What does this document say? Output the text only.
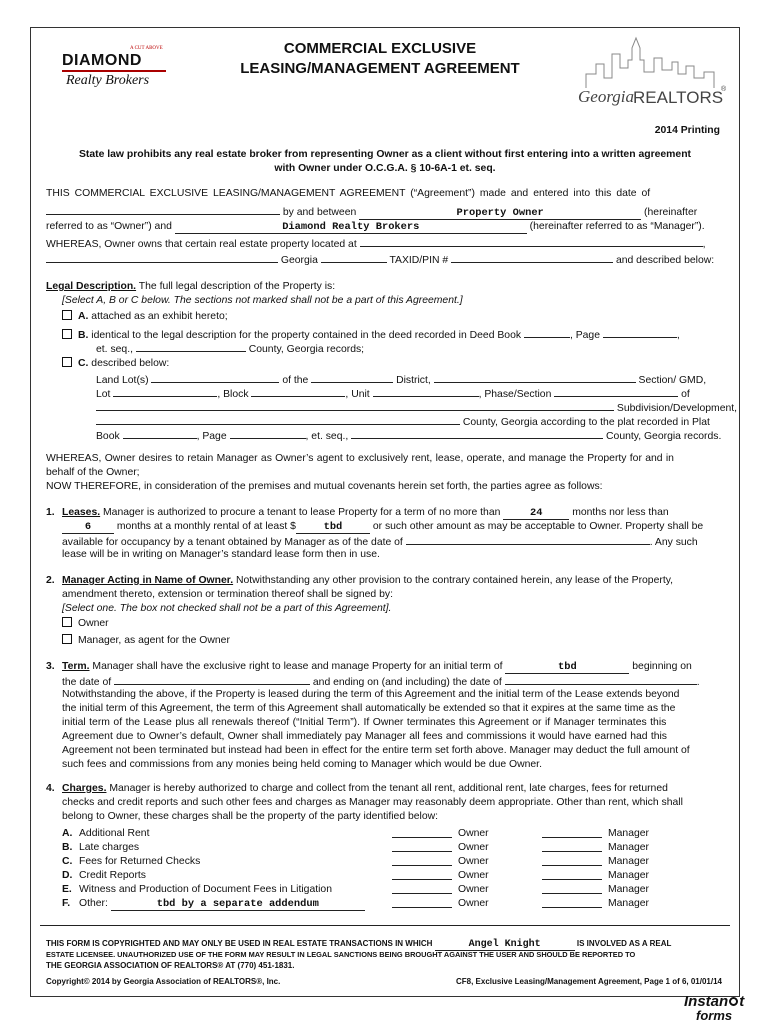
A CUT ABOVE
DIAMOND
Realty Brokers
COMMERCIAL EXCLUSIVE
LEASING/MANAGEMENT AGREEMENT
Georgia
REALTORS
®
2014 Printing
State law prohibits any real estate broker from representing Owner as a client without first entering into a written agreement
with Owner under O.C.G.A. § 10-6A-1 et. seq.
THIS COMMERCIAL EXCLUSIVE LEASING/MANAGEMENT AGREEMENT (“Agreement”) made and entered into this date of
by and between	Property Owner	(hereinafter
referred to as “Owner”) and	Diamond Realty Brokers	(hereinafter referred to as “Manager”).
WHEREAS, Owner owns that certain real estate property located at	,
Georgia	TAXID/PIN #	and described below:
Legal Description. The full legal description of the Property is:
[Select A, B or C below. The sections not marked shall not be a part of this Agreement.]
A. attached as an exhibit hereto;
B. identical to the legal description for the property contained in the deed recorded in Deed Book	, Page	,
et. seq.,	County, Georgia records;
C. described below:
Land Lot(s)	of the	District,	Section/ GMD,
Lot	, Block	, Unit	, Phase/Section	of
Subdivision/Development,
County, Georgia according to the plat recorded in Plat
Book	, Page	, et. seq.,	County, Georgia records.
WHEREAS, Owner desires to retain Manager as Owner’s agent to exclusively rent, lease, operate, and manage the Property for and in
behalf of the Owner;
NOW THEREFORE, in consideration of the premises and mutual covenants herein set forth, the parties agree as follows:
1. Leases. Manager is authorized to procure a tenant to lease Property for a term of no more than	24	months nor less than
6 months at a monthly rental of at least $	tbd	or such other amount as may be acceptable to Owner. Property shall be
available for occupancy by a tenant obtained by Manager as of the date of	. Any such
lease will be in writing on Manager’s standard lease form then in use.
2. Manager Acting in Name of Owner. Notwithstanding any other provision to the contrary contained herein, any lease of the Property,
amendment thereto, extension or termination thereof shall be signed by:
[Select one. The box not checked shall not be a part of this Agreement].
Owner
Manager, as agent for the Owner
3. Term. Manager shall have the exclusive right to lease and manage Property for an initial term of	tbd	beginning on
the date of	and ending on (and including) the date of	.
Notwithstanding the above, if the Property is leased during the term of this Agreement and the initial term of the Lease extends beyond
the initial term of this Agreement, the term of this Agreement shall automatically be extended so that it expires at the same time as the
initial term of the Lease plus all renewals thereof (“Initial Term”). If Owner terminates this Agreement or if Manager terminates this
Agreement due to Owner’s default, Owner shall immediately pay Manager all fees and commissions it would have earned had this
Agreement not been terminated but instead had been in effect for the entire term set forth above. Manager may deduct the full amount of
such fees and commissions from any monies being held coming to Manager which would be due Owner.
4. Charges. Manager is hereby authorized to charge and collect from the tenant all rent, additional rent, late charges, fees for returned
checks and credit reports and such other fees and charges as Manager may reasonably deem appropriate. Other than rent, which shall
belong to Owner, these charges shall be the property of the party identified below:
A. Additional Rent	Owner	Manager
B. Late charges	Owner	Manager
C. Fees for Returned Checks	Owner	Manager
D. Credit Reports	Owner	Manager
E. Witness and Production of Document Fees in Litigation	Owner	Manager
F. Other:	tbd by a separate addendum	Owner	Manager
THIS FORM IS COPYRIGHTED AND MAY ONLY BE USED IN REAL ESTATE TRANSACTIONS IN WHICH	Angel Knight	IS INVOLVED AS A REAL
ESTATE LICENSEE. UNAUTHORIZED USE OF THE FORM MAY RESULT IN LEGAL SANCTIONS BEING BROUGHT AGAINST THE USER AND SHOULD BE REPORTED TO
THE GEORGIA ASSOCIATION OF REALTORS® AT (770) 451-1831.
Copyright© 2014 by Georgia Association of REALTORS®, Inc.	CF8, Exclusive Leasing/Management Agreement, Page 1 of 6, 01/01/14
Instan t
forms
